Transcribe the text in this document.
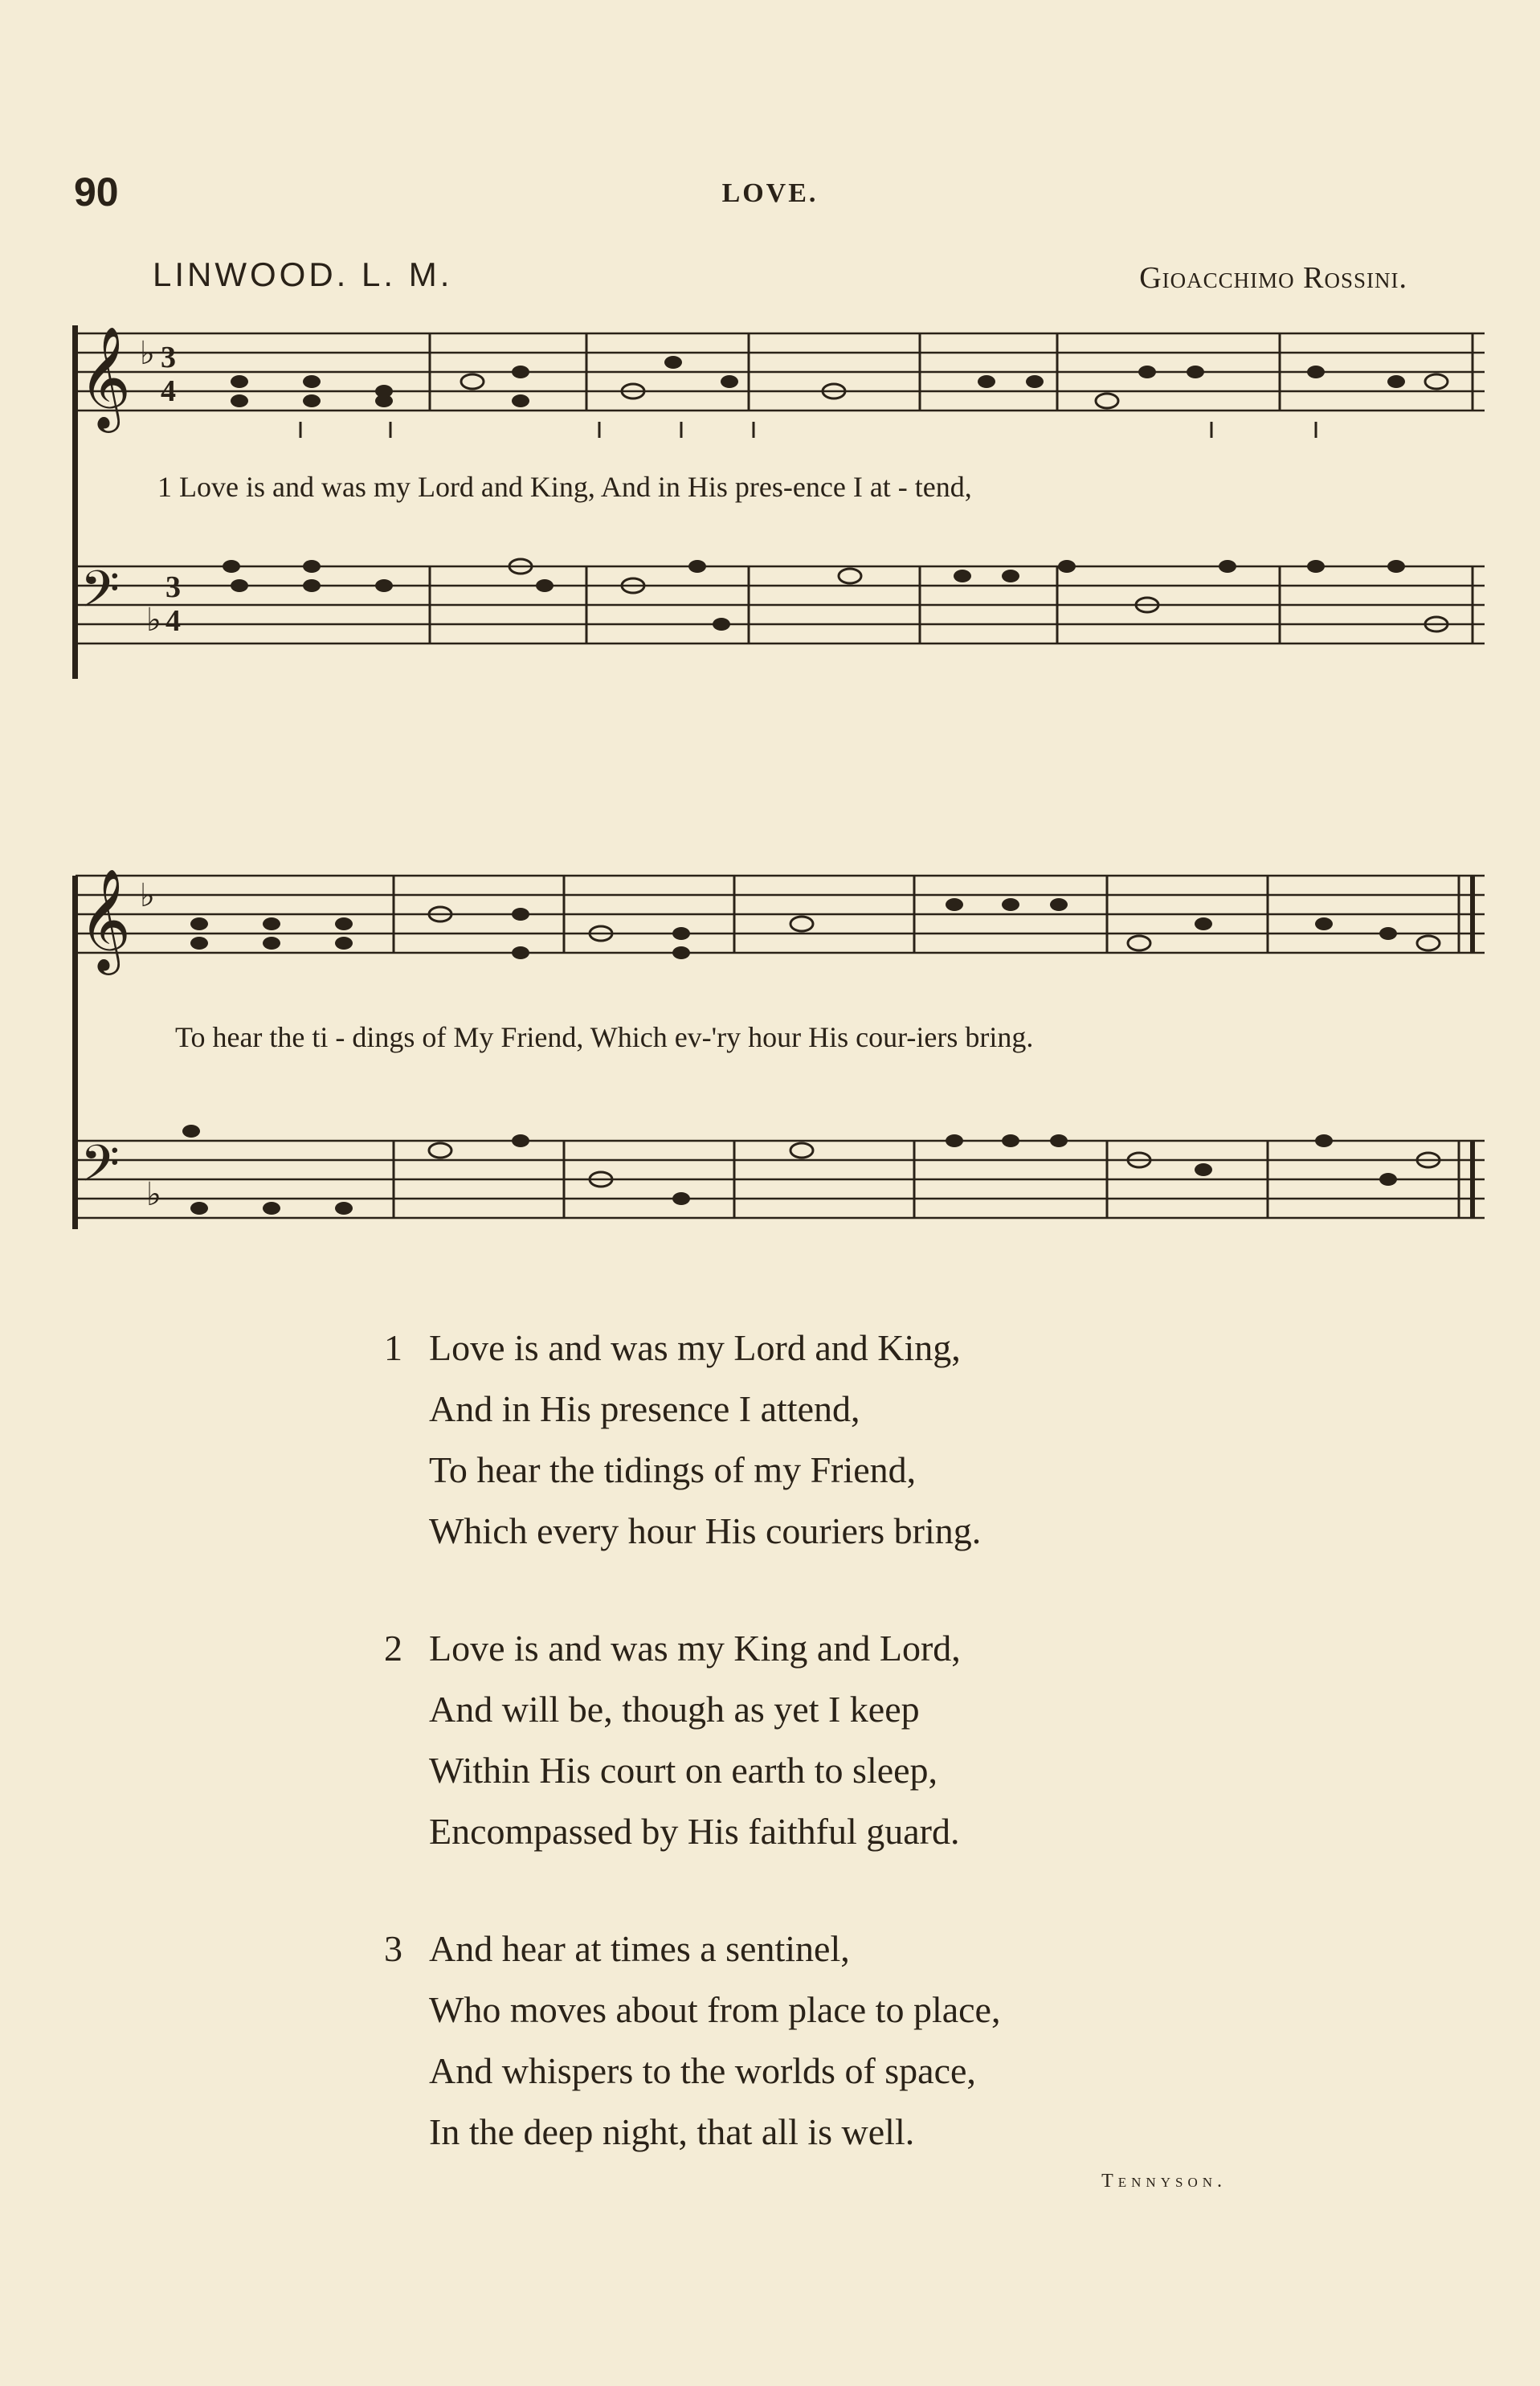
90	LOVE.
LINWOOD. L. M.	Gioacchimo Rossini.
𝄞 ♭ 3
4
1 Love is and was my Lord and King, And in His pres-ence I at - tend,
𝄢 ♭
3
4
𝄞 ♭
To hear the ti - dings of My Friend, Which ev-'ry hour His cour-iers bring.
𝄢 ♭
1 Love is and was my Lord and King,
And in His presence I attend,
To hear the tidings of my Friend,
Which every hour His couriers bring.
2 Love is and was my King and Lord,
And will be, though as yet I keep
Within His court on earth to sleep,
Encompassed by His faithful guard.
3 And hear at times a sentinel,
Who moves about from place to place,
And whispers to the worlds of space,
In the deep night, that all is well.
Tennyson.
